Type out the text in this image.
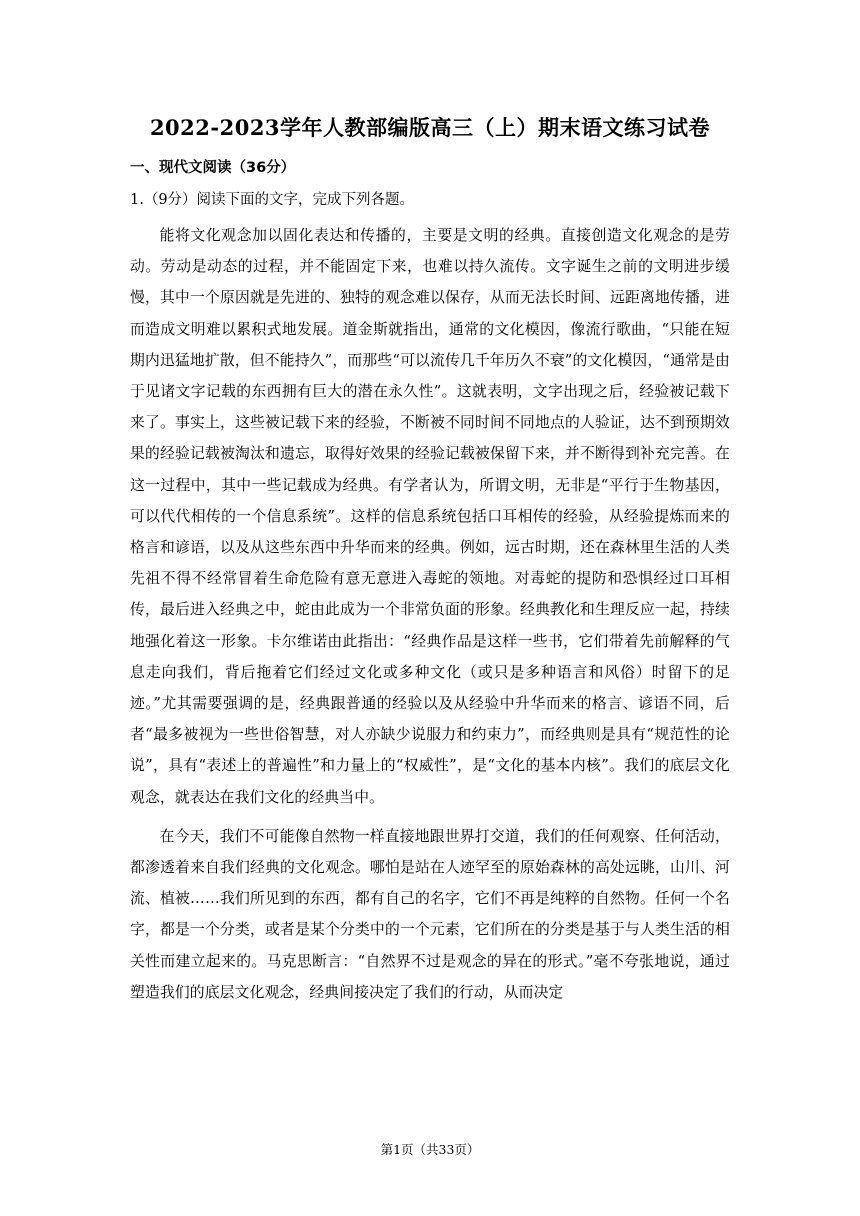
2022-2023学年人教部编版高三（上）期末语文练习试卷
一、现代文阅读（36分）
1.（9分）阅读下面的文字，完成下列各题。

能将文化观念加以固化表达和传播的，主要是文明的经典。直接创造文化观念的是劳动。劳动是动态的过程，并不能固定下来，也难以持久流传。文字诞生之前的文明进步缓慢，其中一个原因就是先进的、独特的观念难以保存，从而无法长时间、远距离地传播，进而造成文明难以累积式地发展。道金斯就指出，通常的文化模因，像流行歌曲，“只能在短期内迅猛地扩散，但不能持久”，而那些“可以流传几千年历久不衰”的文化模因，“通常是由于见诸文字记载的东西拥有巨大的潜在永久性”。这就表明，文字出现之后，经验被记载下来了。事实上，这些被记载下来的经验，不断被不同时间不同地点的人验证，达不到预期效果的经验记载被淘汰和遗忘，取得好效果的经验记载被保留下来，并不断得到补充完善。在这一过程中，其中一些记载成为经典。有学者认为，所谓文明，无非是“平行于生物基因，可以代代相传的一个信息系统”。这样的信息系统包括口耳相传的经验，从经验提炼而来的格言和谚语，以及从这些东西中升华而来的经典。例如，远古时期，还在森林里生活的人类先祖不得不经常冒着生命危险有意无意进入毒蛇的领地。对毒蛇的提防和恐惧经过口耳相传，最后进入经典之中，蛇由此成为一个非常负面的形象。经典教化和生理反应一起，持续地强化着这一形象。卡尔维诺由此指出：“经典作品是这样一些书，它们带着先前解释的气息走向我们，背后拖着它们经过文化或多种文化（或只是多种语言和风俗）时留下的足迹。”尤其需要强调的是，经典跟普通的经验以及从经验中升华而来的格言、谚语不同，后者“最多被视为一些世俗智慧，对人亦缺少说服力和约束力”，而经典则是具有“规范性的论说”，具有“表述上的普遍性”和力量上的“权威性”，是“文化的基本内核”。我们的底层文化观念，就表达在我们文化的经典当中。

在今天，我们不可能像自然物一样直接地跟世界打交道，我们的任何观察、任何活动，都渗透着来自我们经典的文化观念。哪怕是站在人迹罕至的原始森林的高处远眺，山川、河流、植被……我们所见到的东西，都有自己的名字，它们不再是纯粹的自然物。任何一个名字，都是一个分类，或者是某个分类中的一个元素，它们所在的分类是基于与人类生活的相关性而建立起来的。马克思断言：“自然界不过是观念的异在的形式。”毫不夸张地说，通过塑造我们的底层文化观念，经典间接决定了我们的行动，从而决定

第1页（共33页）
